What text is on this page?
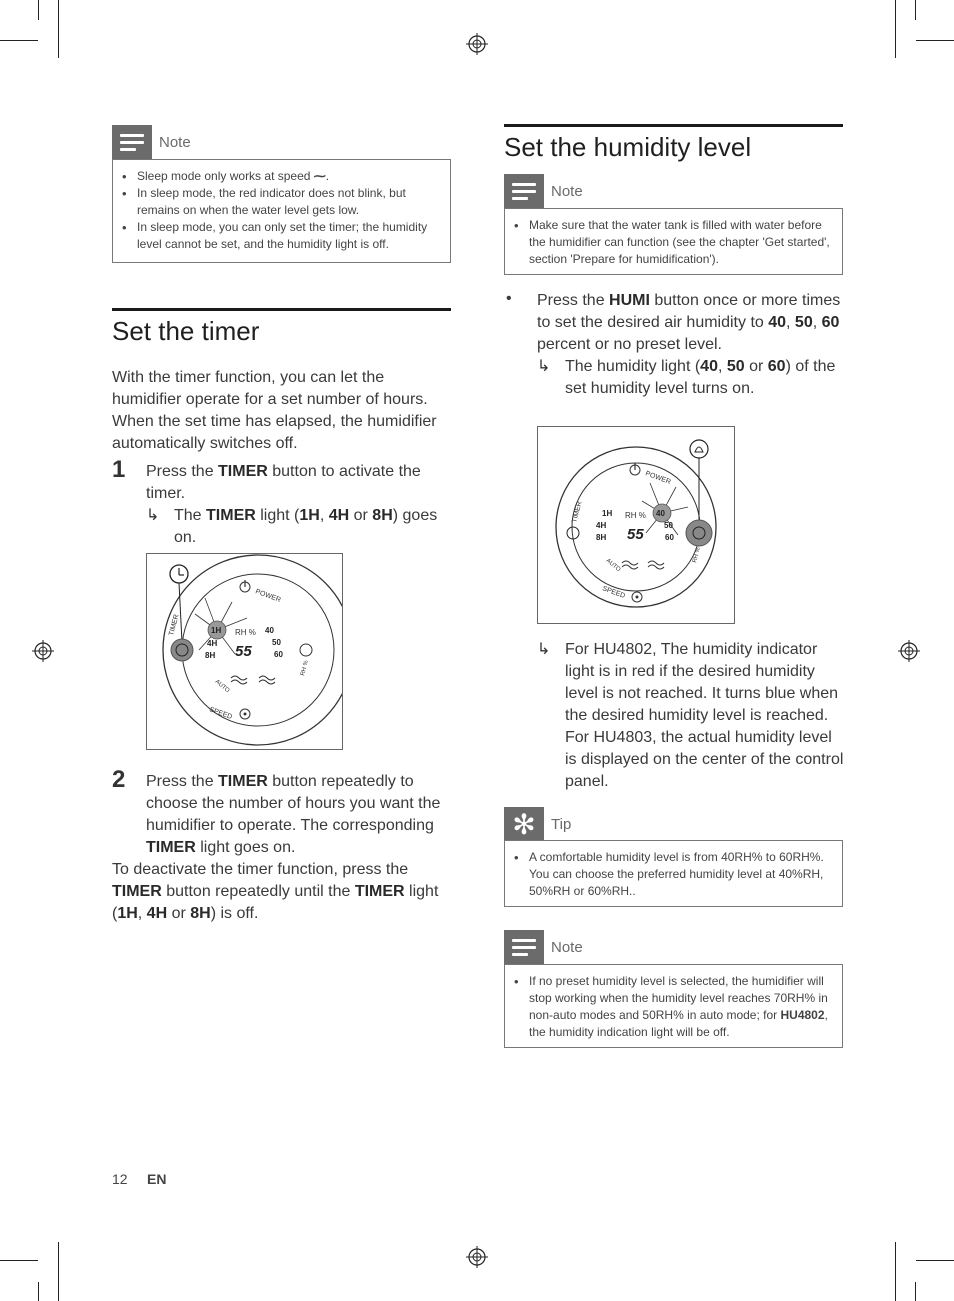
Note
• Sleep mode only works at speed ⁓.
• In sleep mode, the red indicator does not blink, but remains on when the water level gets low.
• In sleep mode, you can only set the timer; the humidity level cannot be set, and the humidity light is off.
Set the timer
With the timer function, you can let the humidifier operate for a set number of hours. When the set time has elapsed, the humidifier automatically switches off.
1 Press the TIMER button to activate the timer.
↳ The TIMER light (1H, 4H or 8H) goes on.
POWER
TIMER
SPEED
AUTO
RH %
1H
4H
8H
RH %
55
40
50
60
2 Press the TIMER button repeatedly to choose the number of hours you want the humidifier to operate. The corresponding TIMER light goes on.
To deactivate the timer function, press the TIMER button repeatedly until the TIMER light (1H, 4H or 8H) is off.
Set the humidity level
Note
• Make sure that the water tank is filled with water before the humidifier can function (see the chapter 'Get started', section 'Prepare for humidification').
• Press the HUMI button once or more times to set the desired air humidity to 40, 50, 60 percent or no preset level.
↳ The humidity light (40, 50 or 60) of the set humidity level turns on.
POWER
TIMER
SPEED
AUTO
RH %
1H
4H
8H
RH %
55
40
50
60
↳ For HU4802, The humidity indicator light is in red if the desired humidity level is not reached. It turns blue when the desired humidity level is reached. For HU4803, the actual humidity level is displayed on the center of the control panel.
✻	Tip
• A comfortable humidity level is from 40RH% to 60RH%. You can choose the preferred humidity level at 40%RH, 50%RH or 60%RH..
Note
• If no preset humidity level is selected, the humidifier will stop working when the humidity level reaches 70RH% in non-auto modes and 50RH% in auto mode; for HU4802, the humidity indication light will be off.
12 EN
